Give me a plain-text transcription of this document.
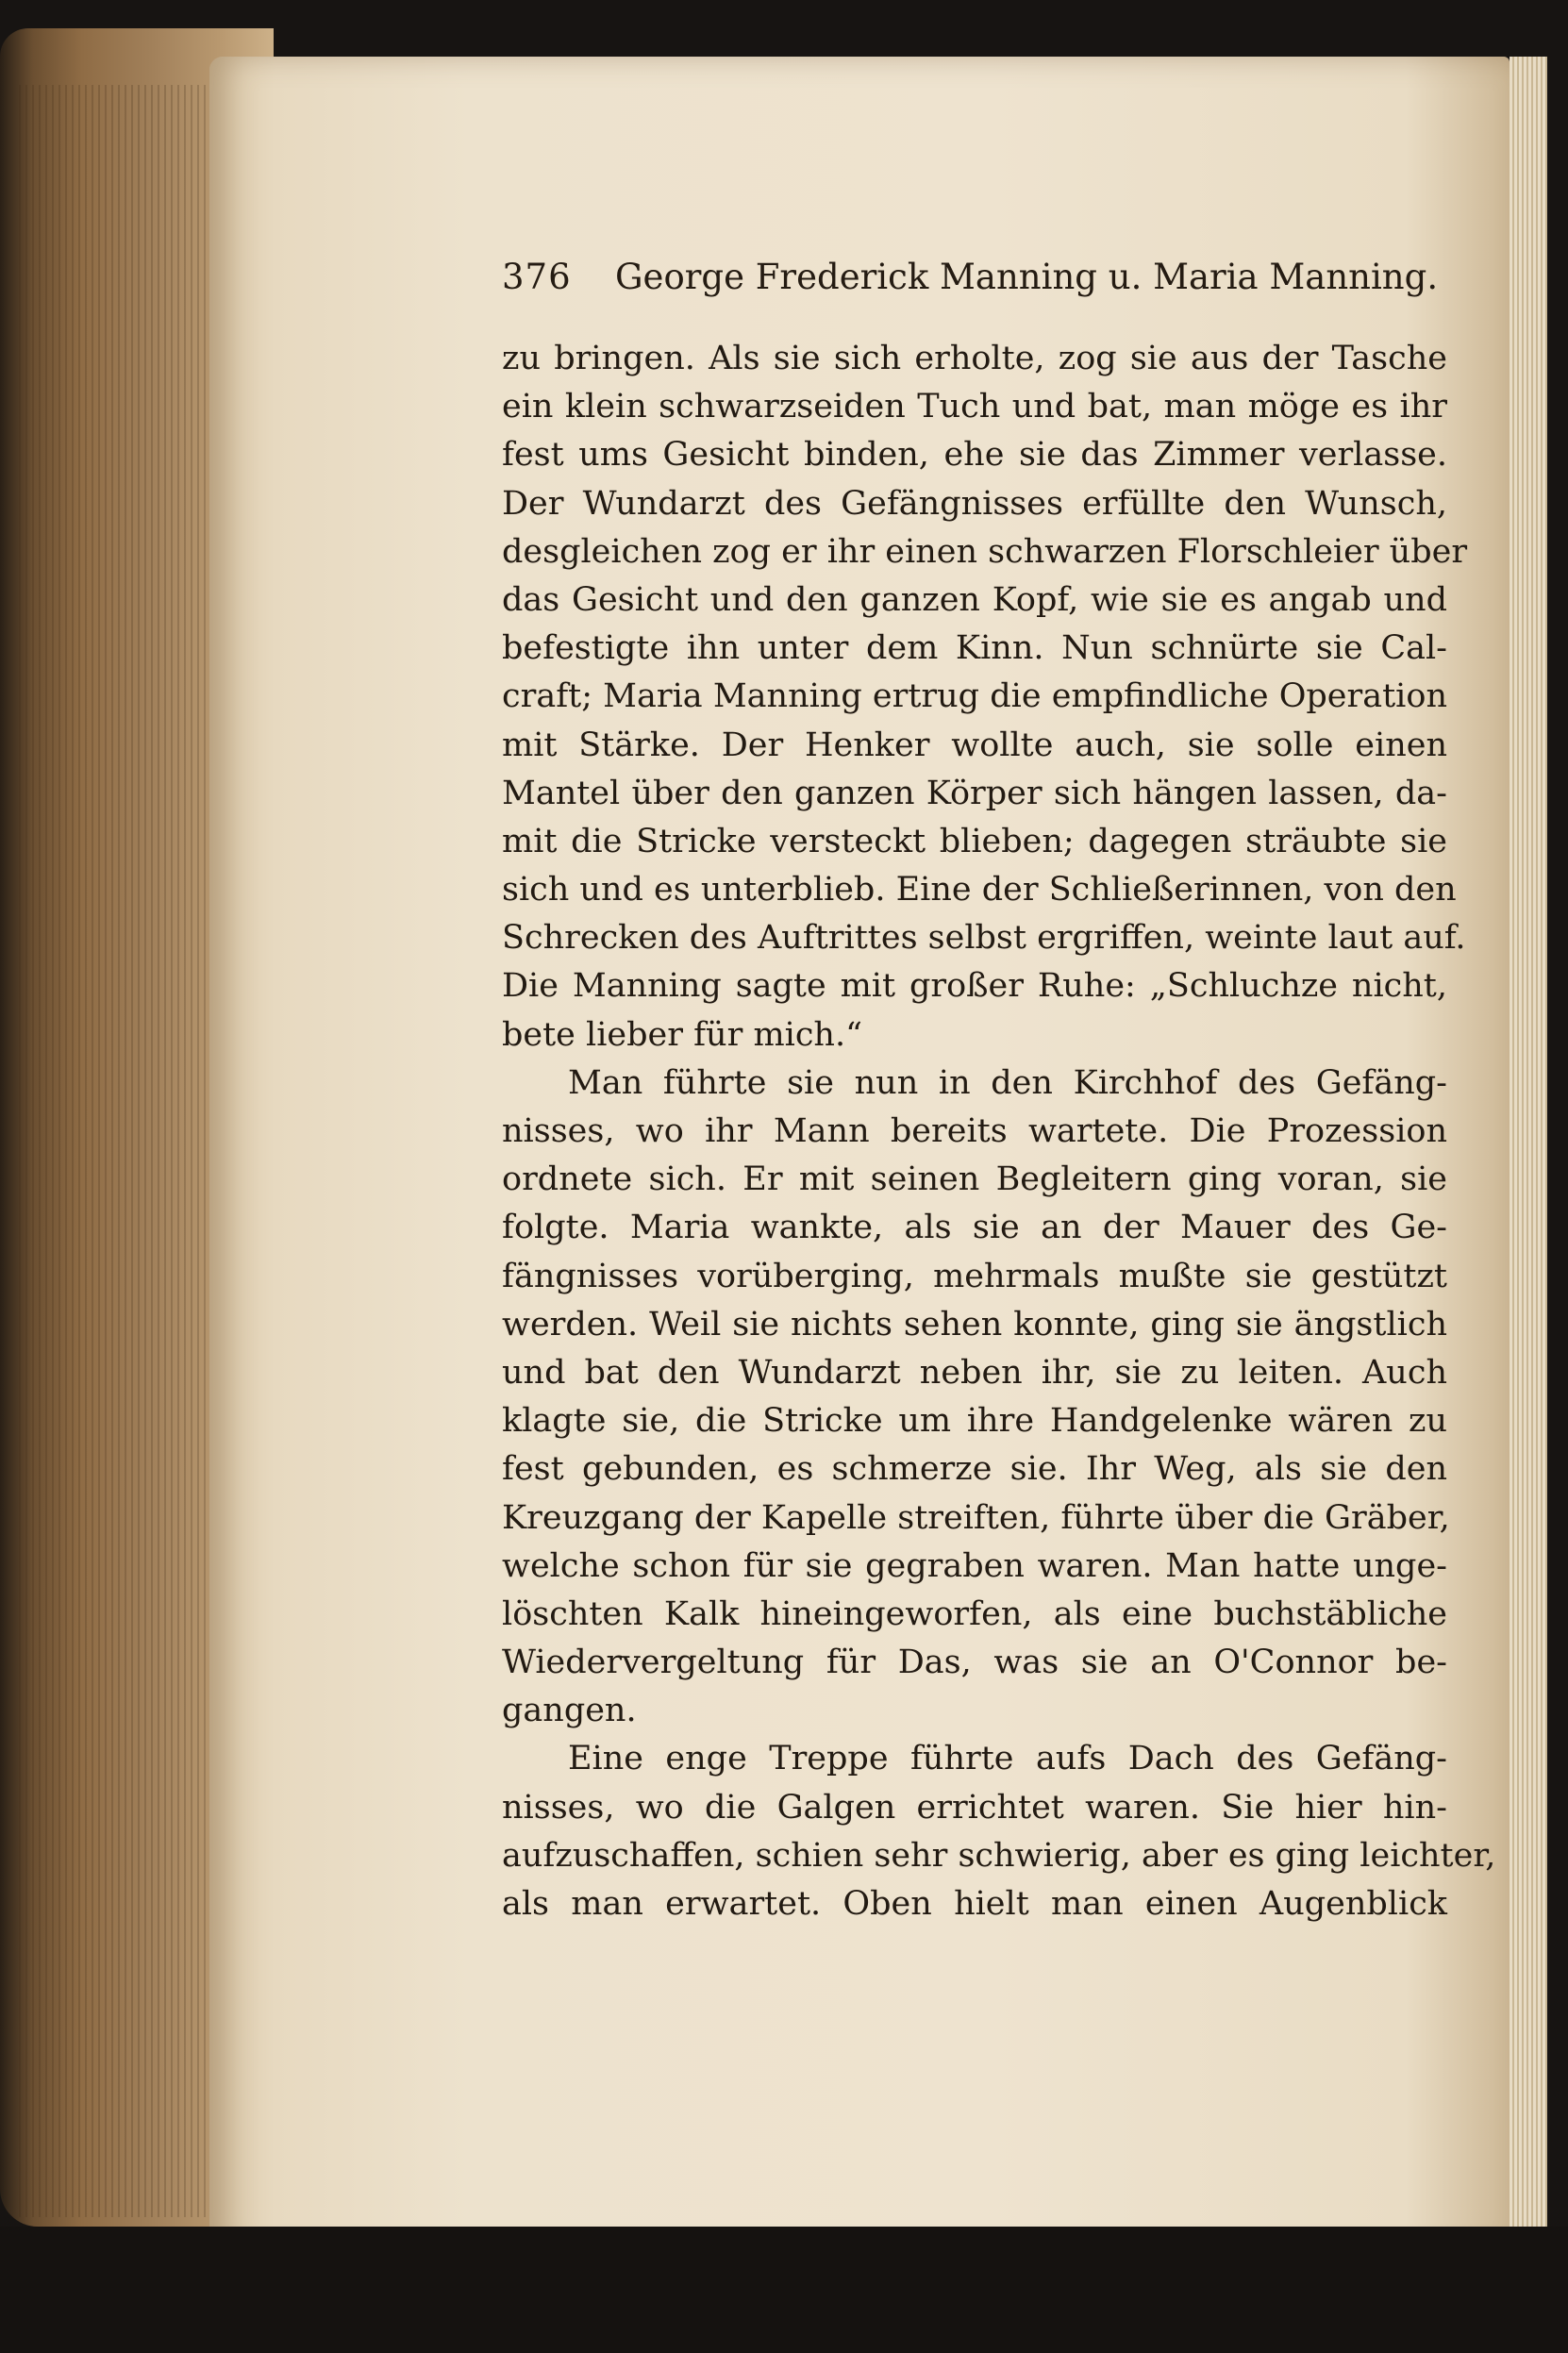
376 George Frederick Manning u. Maria Manning.
zu bringen. Als sie sich erholte, zog sie aus der Tasche
ein klein schwarzseiden Tuch und bat, man möge es ihr
fest ums Gesicht binden, ehe sie das Zimmer verlasse.
Der Wundarzt des Gefängnisses erfüllte den Wunsch,
desgleichen zog er ihr einen schwarzen Florschleier über
das Gesicht und den ganzen Kopf, wie sie es angab und
befestigte ihn unter dem Kinn. Nun schnürte sie Cal-
craft; Maria Manning ertrug die empfindliche Operation
mit Stärke. Der Henker wollte auch, sie solle einen
Mantel über den ganzen Körper sich hängen lassen, da-
mit die Stricke versteckt blieben; dagegen sträubte sie
sich und es unterblieb. Eine der Schließerinnen, von den
Schrecken des Auftrittes selbst ergriffen, weinte laut auf.
Die Manning sagte mit großer Ruhe: „Schluchze nicht,
bete lieber für mich.“
Man führte sie nun in den Kirchhof des Gefäng-
nisses, wo ihr Mann bereits wartete. Die Prozession
ordnete sich. Er mit seinen Begleitern ging voran, sie
folgte. Maria wankte, als sie an der Mauer des Ge-
fängnisses vorüberging, mehrmals mußte sie gestützt
werden. Weil sie nichts sehen konnte, ging sie ängstlich
und bat den Wundarzt neben ihr, sie zu leiten. Auch
klagte sie, die Stricke um ihre Handgelenke wären zu
fest gebunden, es schmerze sie. Ihr Weg, als sie den
Kreuzgang der Kapelle streiften, führte über die Gräber,
welche schon für sie gegraben waren. Man hatte unge-
löschten Kalk hineingeworfen, als eine buchstäbliche
Wiedervergeltung für Das, was sie an O'Connor be-
gangen.
Eine enge Treppe führte aufs Dach des Gefäng-
nisses, wo die Galgen errichtet waren. Sie hier hin-
aufzuschaffen, schien sehr schwierig, aber es ging leichter,
als man erwartet. Oben hielt man einen Augenblick
